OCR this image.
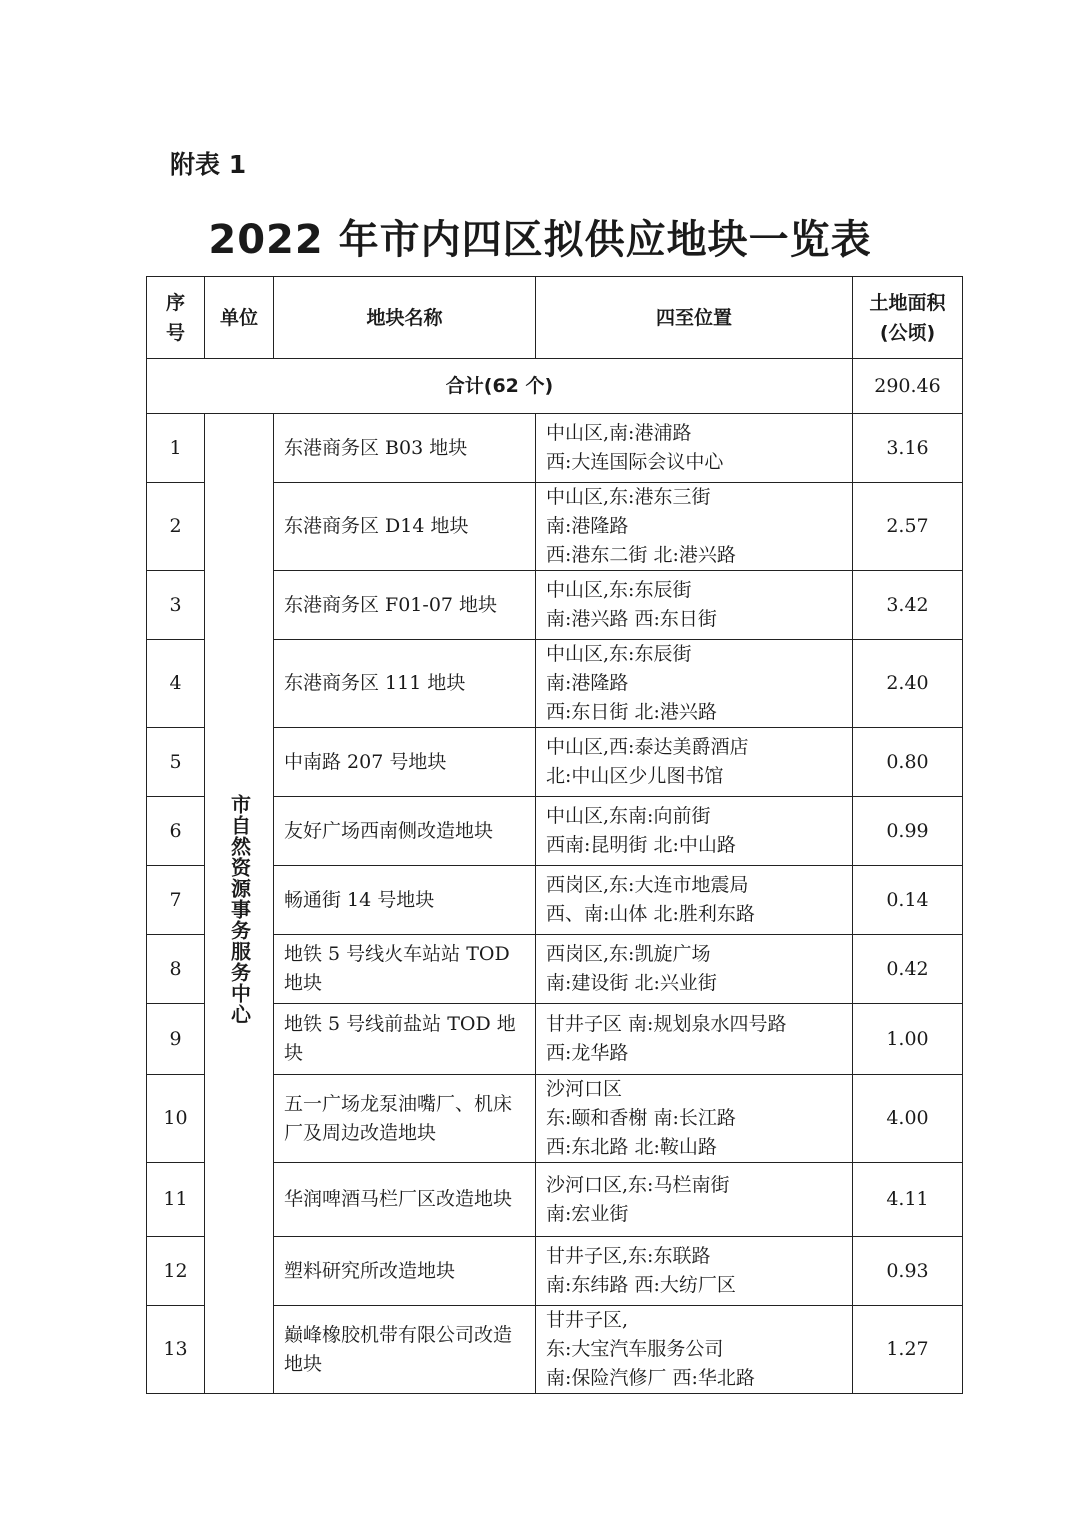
附表 1
2022 年市内四区拟供应地块一览表
序
号	单位	地块名称	四至位置	土地面积
(公顷)
合计(62 个)				290.46
1	市自然资源事务服务中心	东港商务区 B03 地块	中山区,南:港浦路
西:大连国际会议中心	3.16
2		东港商务区 D14 地块	中山区,东:港东三街
南:港隆路
西:港东二街 北:港兴路	2.57
3		东港商务区 F01-07 地块	中山区,东:东辰街
南:港兴路 西:东日街	3.42
4		东港商务区 111 地块	中山区,东:东辰街
南:港隆路
西:东日街 北:港兴路	2.40
5		中南路 207 号地块	中山区,西:泰达美爵酒店
北:中山区少儿图书馆	0.80
6		友好广场西南侧改造地块	中山区,东南:向前街
西南:昆明街 北:中山路	0.99
7		畅通街 14 号地块	西岗区,东:大连市地震局
西、南:山体 北:胜利东路	0.14
8		地铁 5 号线火车站站 TOD 地块	西岗区,东:凯旋广场
南:建设街 北:兴业街	0.42
9		地铁 5 号线前盐站 TOD 地块	甘井子区 南:规划泉水四号路
西:龙华路	1.00
10		五一广场龙泵油嘴厂、机床厂及周边改造地块	沙河口区
东:颐和香榭 南:长江路
西:东北路 北:鞍山路	4.00
11		华润啤酒马栏厂区改造地块	沙河口区,东:马栏南街
南:宏业街	4.11
12		塑料研究所改造地块	甘井子区,东:东联路
南:东纬路 西:大纺厂区	0.93
13		巅峰橡胶机带有限公司改造地块	甘井子区,
东:大宝汽车服务公司
南:保险汽修厂 西:华北路	1.27
